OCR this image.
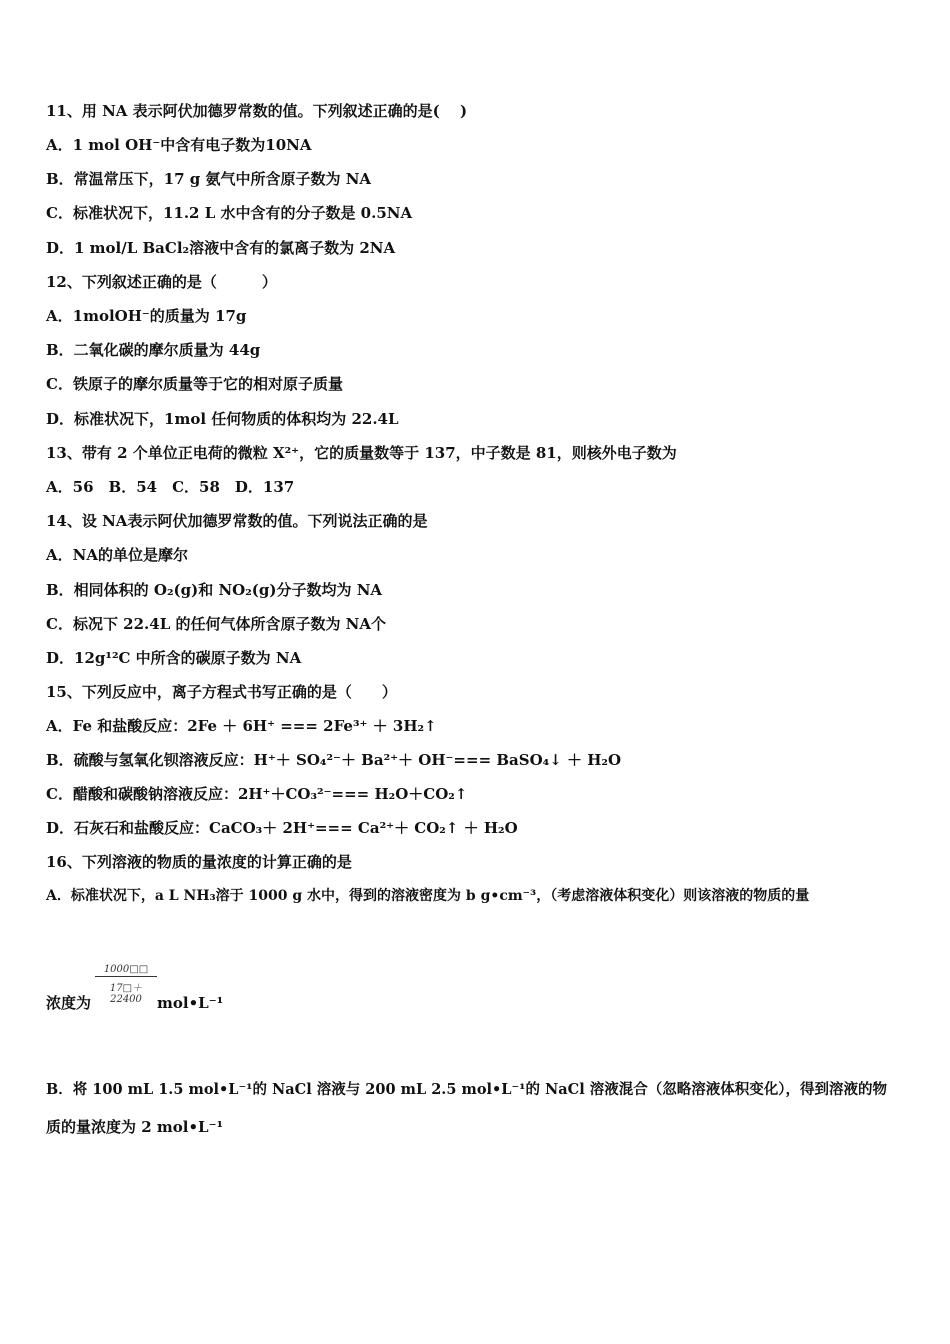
11、用 NA 表示阿伏加德罗常数的值。下列叙述正确的是(　 )
A．1 mol OH⁻中含有电子数为10NA
B．常温常压下，17 g 氨气中所含原子数为 NA
C．标准状况下，11.2 L 水中含有的分子数是 0.5NA
D．1 mol/L BaCl₂溶液中含有的氯离子数为 2NA
12、下列叙述正确的是（　　　）
A．1molOH⁻的质量为 17g
B．二氧化碳的摩尔质量为 44g
C．铁原子的摩尔质量等于它的相对原子质量
D．标准状况下，1mol 任何物质的体积均为 22.4L
13、带有 2 个单位正电荷的微粒 X²⁺，它的质量数等于 137，中子数是 81，则核外电子数为
A．56　B．54　C．58　D．137
14、设 NA表示阿伏加德罗常数的值。下列说法正确的是
A．NA的单位是摩尔
B．相同体积的 O₂(g)和 NO₂(g)分子数均为 NA
C．标况下 22.4L 的任何气体所含原子数为 NA个
D．12g¹²C 中所含的碳原子数为 NA
15、下列反应中，离子方程式书写正确的是（　　）
A．Fe 和盐酸反应：2Fe ＋ 6H⁺ === 2Fe³⁺ ＋ 3H₂↑
B．硫酸与氢氧化钡溶液反应：H⁺＋ SO₄²⁻＋ Ba²⁺＋ OH⁻=== BaSO₄↓ ＋ H₂O
C．醋酸和碳酸钠溶液反应：2H⁺＋CO₃²⁻=== H₂O＋CO₂↑
D．石灰石和盐酸反应：CaCO₃＋ 2H⁺=== Ca²⁺＋ CO₂↑ ＋ H₂O
16、下列溶液的物质的量浓度的计算正确的是
A．标准状况下，a L NH₃溶于 1000 g 水中，得到的溶液密度为 b g•cm⁻³，（考虑溶液体积变化）则该溶液的物质的量
$\frac{1000□□}{17□+22400}$
浓度为	mol•L⁻¹
B．将 100 mL 1.5 mol•L⁻¹的 NaCl 溶液与 200 mL 2.5 mol•L⁻¹的 NaCl 溶液混合（忽略溶液体积变化），得到溶液的物
质的量浓度为 2 mol•L⁻¹
